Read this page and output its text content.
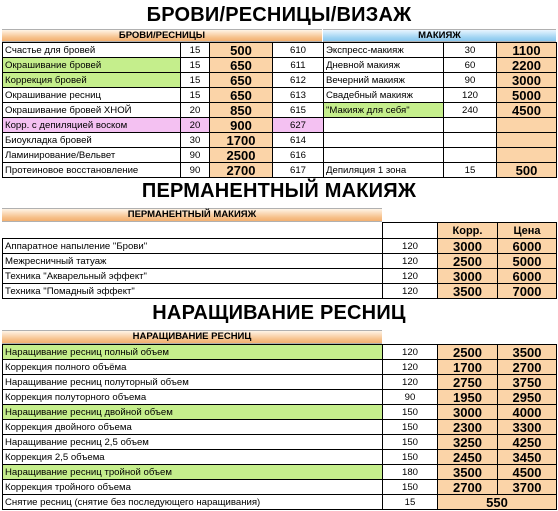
БРОВИ/РЕСНИЦЫ/ВИЗАЖ
БРОВИ/РЕСНИЦЫ	МАКИЯЖ
Счастье для бровей	15	500	610
Окрашивание бровей	15	650	611
Коррекция бровей	15	650	612
Окрашивание ресниц	15	650	613
Окрашивание бровей ХНОЙ	20	850	615
Корр. с депиляцией воском	20	900	627
Биоукладка бровей	30	1700	614
Ламинирование/Вельвет	90	2500	616
Протеиновое восстановление	90	2700	617
Экспресс-макияж	30	1100
Дневной макияж	60	2200
Вечерний макияж	90	3000
Свадебный макияж	120	5000
"Макияж для себя"	240	4500

Депиляция 1 зона	15	500
ПЕРМАНЕНТНЫЙ МАКИЯЖ
ПЕРМАНЕНТНЫЙ МАКИЯЖ
		Корр.	Цена
Аппаратное напыление "Брови"	120	3000	6000
Межресничный татуаж	120	2500	5000
Техника "Акварельный эффект"	120	3000	6000
Техника "Помадный эффект"	120	3500	7000
НАРАЩИВАНИЕ РЕСНИЦ
НАРАЩИВАНИЕ РЕСНИЦ
Наращивание ресниц полный объем	120	2500	3500
Коррекция полного объёма	120	1700	2700
Наращивание ресниц полуторный объем	120	2750	3750
Коррекция полуторного объема	90	1950	2950
Наращивание ресниц двойной объем	150	3000	4000
Коррекция двойного объема	150	2300	3300
Наращивание ресниц 2,5 объем	150	3250	4250
Коррекция 2,5 объема	150	2450	3450
Наращивание ресниц тройной объем	180	3500	4500
Коррекция тройного объема	150	2700	3700
Снятие ресниц (снятие без последующего наращивания)	15	550	
